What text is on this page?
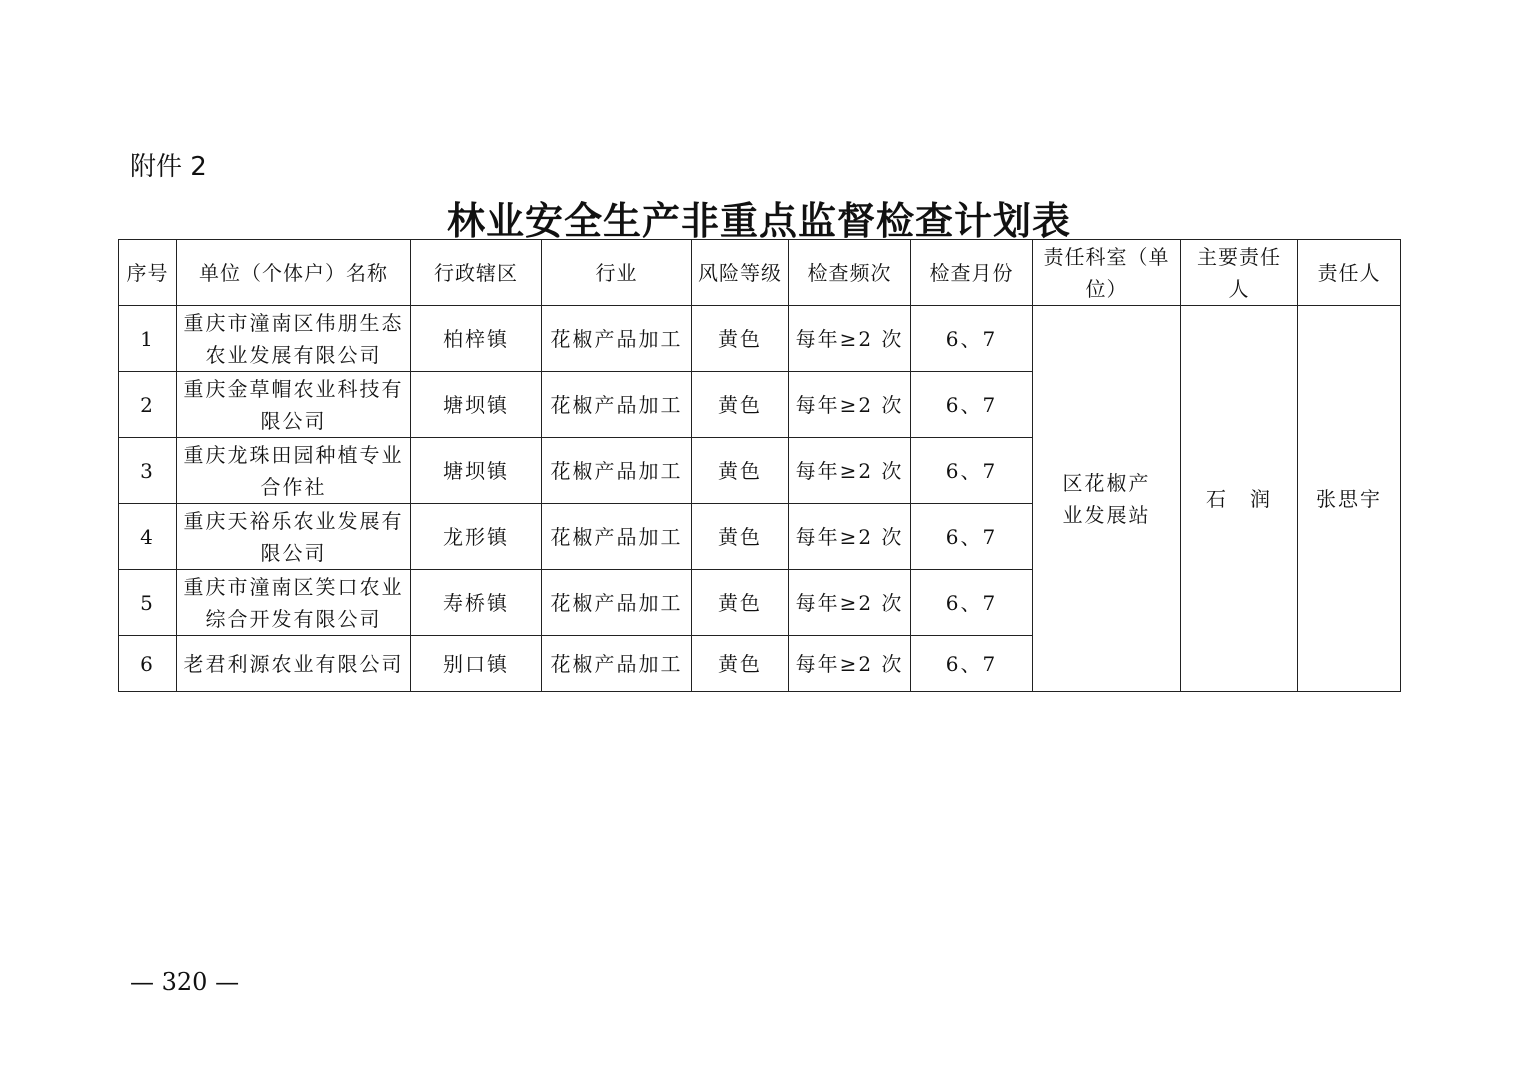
附件 2
林业安全生产非重点监督检查计划表
序号	单位（个体户）名称	行政辖区	行业	风险等级	检查频次	检查月份	责任科室（单位）	主要责任人	责任人
1	重庆市潼南区伟朋生态农业发展有限公司	柏梓镇	花椒产品加工	黄色	每年≥2 次	6、7	区花椒产业发展站	石　润	张思宇
2	重庆金草帽农业科技有限公司	塘坝镇	花椒产品加工	黄色	每年≥2 次	6、7			
3	重庆龙珠田园种植专业合作社	塘坝镇	花椒产品加工	黄色	每年≥2 次	6、7			
4	重庆天裕乐农业发展有限公司	龙形镇	花椒产品加工	黄色	每年≥2 次	6、7			
5	重庆市潼南区笑口农业综合开发有限公司	寿桥镇	花椒产品加工	黄色	每年≥2 次	6、7			
6	老君利源农业有限公司	别口镇	花椒产品加工	黄色	每年≥2 次	6、7			
— 320 —
